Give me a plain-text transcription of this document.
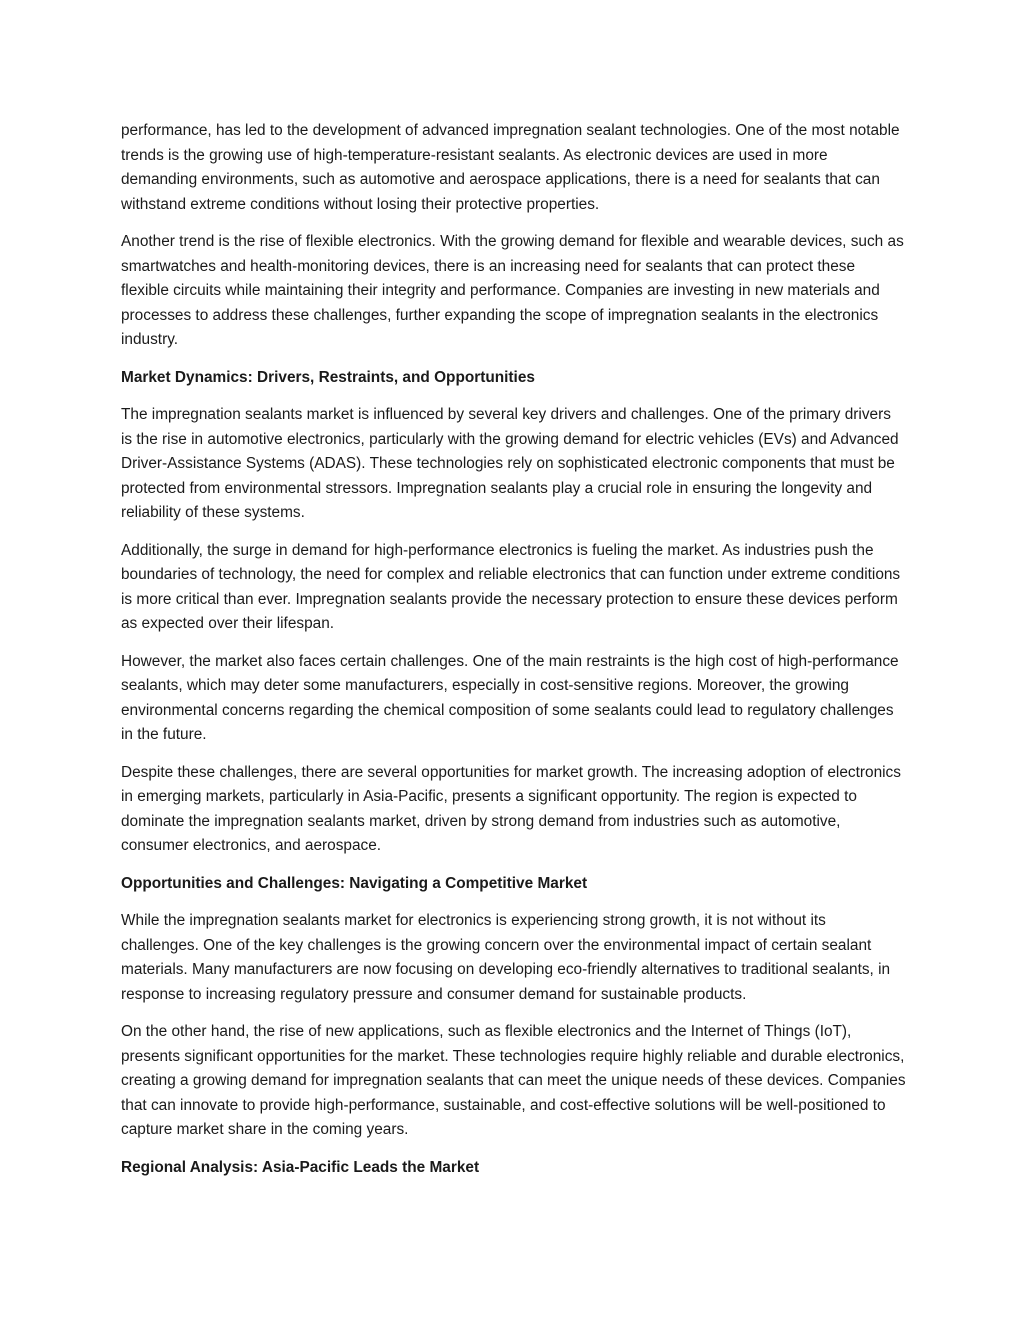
performance, has led to the development of advanced impregnation sealant technologies. One of the most notable trends is the growing use of high-temperature-resistant sealants. As electronic devices are used in more demanding environments, such as automotive and aerospace applications, there is a need for sealants that can withstand extreme conditions without losing their protective properties.

Another trend is the rise of flexible electronics. With the growing demand for flexible and wearable devices, such as smartwatches and health-monitoring devices, there is an increasing need for sealants that can protect these flexible circuits while maintaining their integrity and performance. Companies are investing in new materials and processes to address these challenges, further expanding the scope of impregnation sealants in the electronics industry.

Market Dynamics: Drivers, Restraints, and Opportunities

The impregnation sealants market is influenced by several key drivers and challenges. One of the primary drivers is the rise in automotive electronics, particularly with the growing demand for electric vehicles (EVs) and Advanced Driver-Assistance Systems (ADAS). These technologies rely on sophisticated electronic components that must be protected from environmental stressors. Impregnation sealants play a crucial role in ensuring the longevity and reliability of these systems.

Additionally, the surge in demand for high-performance electronics is fueling the market. As industries push the boundaries of technology, the need for complex and reliable electronics that can function under extreme conditions is more critical than ever. Impregnation sealants provide the necessary protection to ensure these devices perform as expected over their lifespan.

However, the market also faces certain challenges. One of the main restraints is the high cost of high-performance sealants, which may deter some manufacturers, especially in cost-sensitive regions. Moreover, the growing environmental concerns regarding the chemical composition of some sealants could lead to regulatory challenges in the future.

Despite these challenges, there are several opportunities for market growth. The increasing adoption of electronics in emerging markets, particularly in Asia-Pacific, presents a significant opportunity. The region is expected to dominate the impregnation sealants market, driven by strong demand from industries such as automotive, consumer electronics, and aerospace.

Opportunities and Challenges: Navigating a Competitive Market

While the impregnation sealants market for electronics is experiencing strong growth, it is not without its challenges. One of the key challenges is the growing concern over the environmental impact of certain sealant materials. Many manufacturers are now focusing on developing eco-friendly alternatives to traditional sealants, in response to increasing regulatory pressure and consumer demand for sustainable products.

On the other hand, the rise of new applications, such as flexible electronics and the Internet of Things (IoT), presents significant opportunities for the market. These technologies require highly reliable and durable electronics, creating a growing demand for impregnation sealants that can meet the unique needs of these devices. Companies that can innovate to provide high-performance, sustainable, and cost-effective solutions will be well-positioned to capture market share in the coming years.

Regional Analysis: Asia-Pacific Leads the Market
